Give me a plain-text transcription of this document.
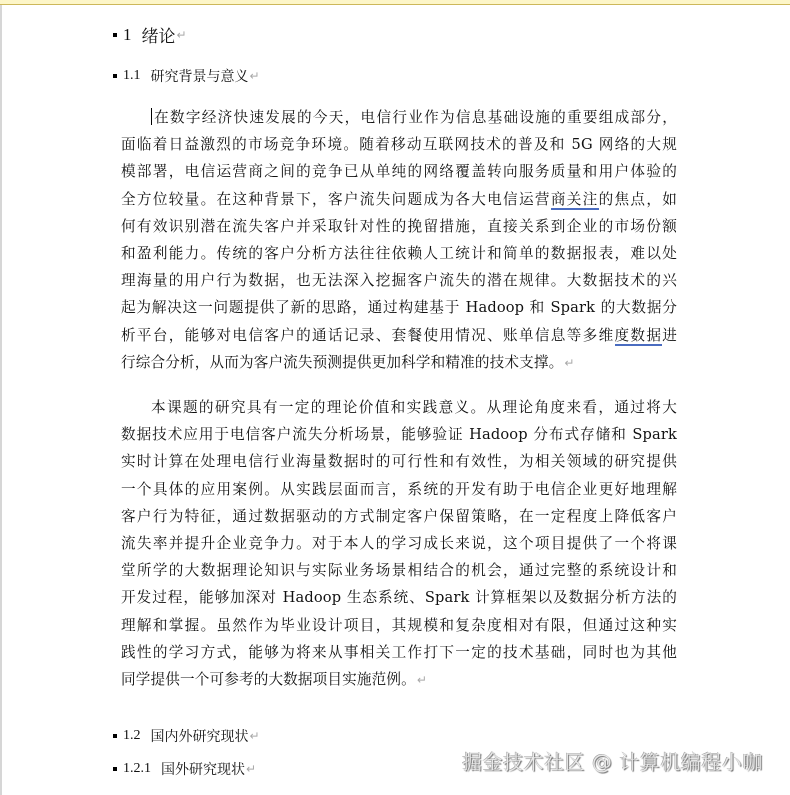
1 绪论 ↵
1.1 研究背景与意义 ↵
在数字经济快速发展的今天，电信行业作为信息基础设施的重要组成部分，
面临着日益激烈的市场竞争环境。随着移动互联网技术的普及和 5G 网络的大规
模部署，电信运营商之间的竞争已从单纯的网络覆盖转向服务质量和用户体验的
全方位较量。在这种背景下，客户流失问题成为各大电信运营商关注的焦点，如
何有效识别潜在流失客户并采取针对性的挽留措施，直接关系到企业的市场份额
和盈利能力。传统的客户分析方法往往依赖人工统计和简单的数据报表，难以处
理海量的用户行为数据，也无法深入挖掘客户流失的潜在规律。大数据技术的兴
起为解决这一问题提供了新的思路，通过构建基于 Hadoop 和 Spark 的大数据分
析平台，能够对电信客户的通话记录、套餐使用情况、账单信息等多维度数据进
行综合分析，从而为客户流失预测提供更加科学和精准的技术支撑。↵
本课题的研究具有一定的理论价值和实践意义。从理论角度来看，通过将大
数据技术应用于电信客户流失分析场景，能够验证 Hadoop 分布式存储和 Spark
实时计算在处理电信行业海量数据时的可行性和有效性，为相关领域的研究提供
一个具体的应用案例。从实践层面而言，系统的开发有助于电信企业更好地理解
客户行为特征，通过数据驱动的方式制定客户保留策略，在一定程度上降低客户
流失率并提升企业竞争力。对于本人的学习成长来说，这个项目提供了一个将课
堂所学的大数据理论知识与实际业务场景相结合的机会，通过完整的系统设计和
开发过程，能够加深对 Hadoop 生态系统、Spark 计算框架以及数据分析方法的
理解和掌握。虽然作为毕业设计项目，其规模和复杂度相对有限，但通过这种实
践性的学习方式，能够为将来从事相关工作打下一定的技术基础，同时也为其他
同学提供一个可参考的大数据项目实施范例。↵
1.2 国内外研究现状 ↵
1.2.1 国外研究现状 ↵	掘金技术社区 @ 计算机编程小咖
